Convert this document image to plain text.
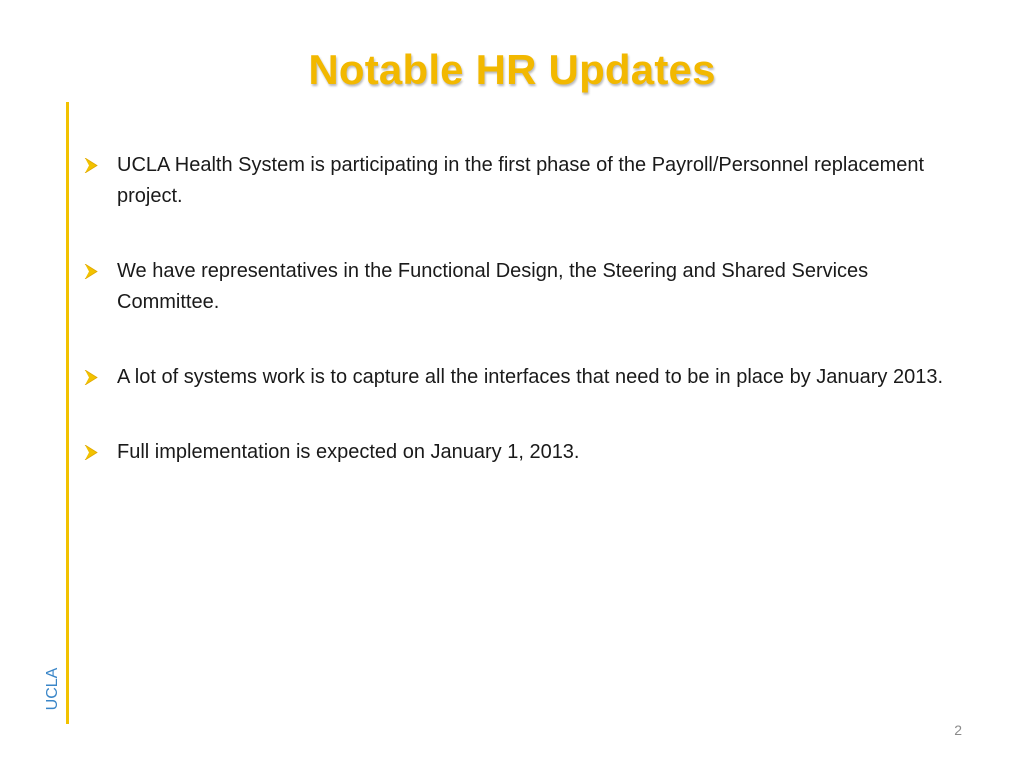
Notable HR Updates
UCLA
UCLA Health System is participating in the first phase of the Payroll/Personnel replacement project.
We have representatives in the Functional Design, the Steering and Shared Services Committee.
A lot of systems work is to capture all the interfaces that need to be in place by January 2013.
Full implementation is expected on January 1, 2013.
2
